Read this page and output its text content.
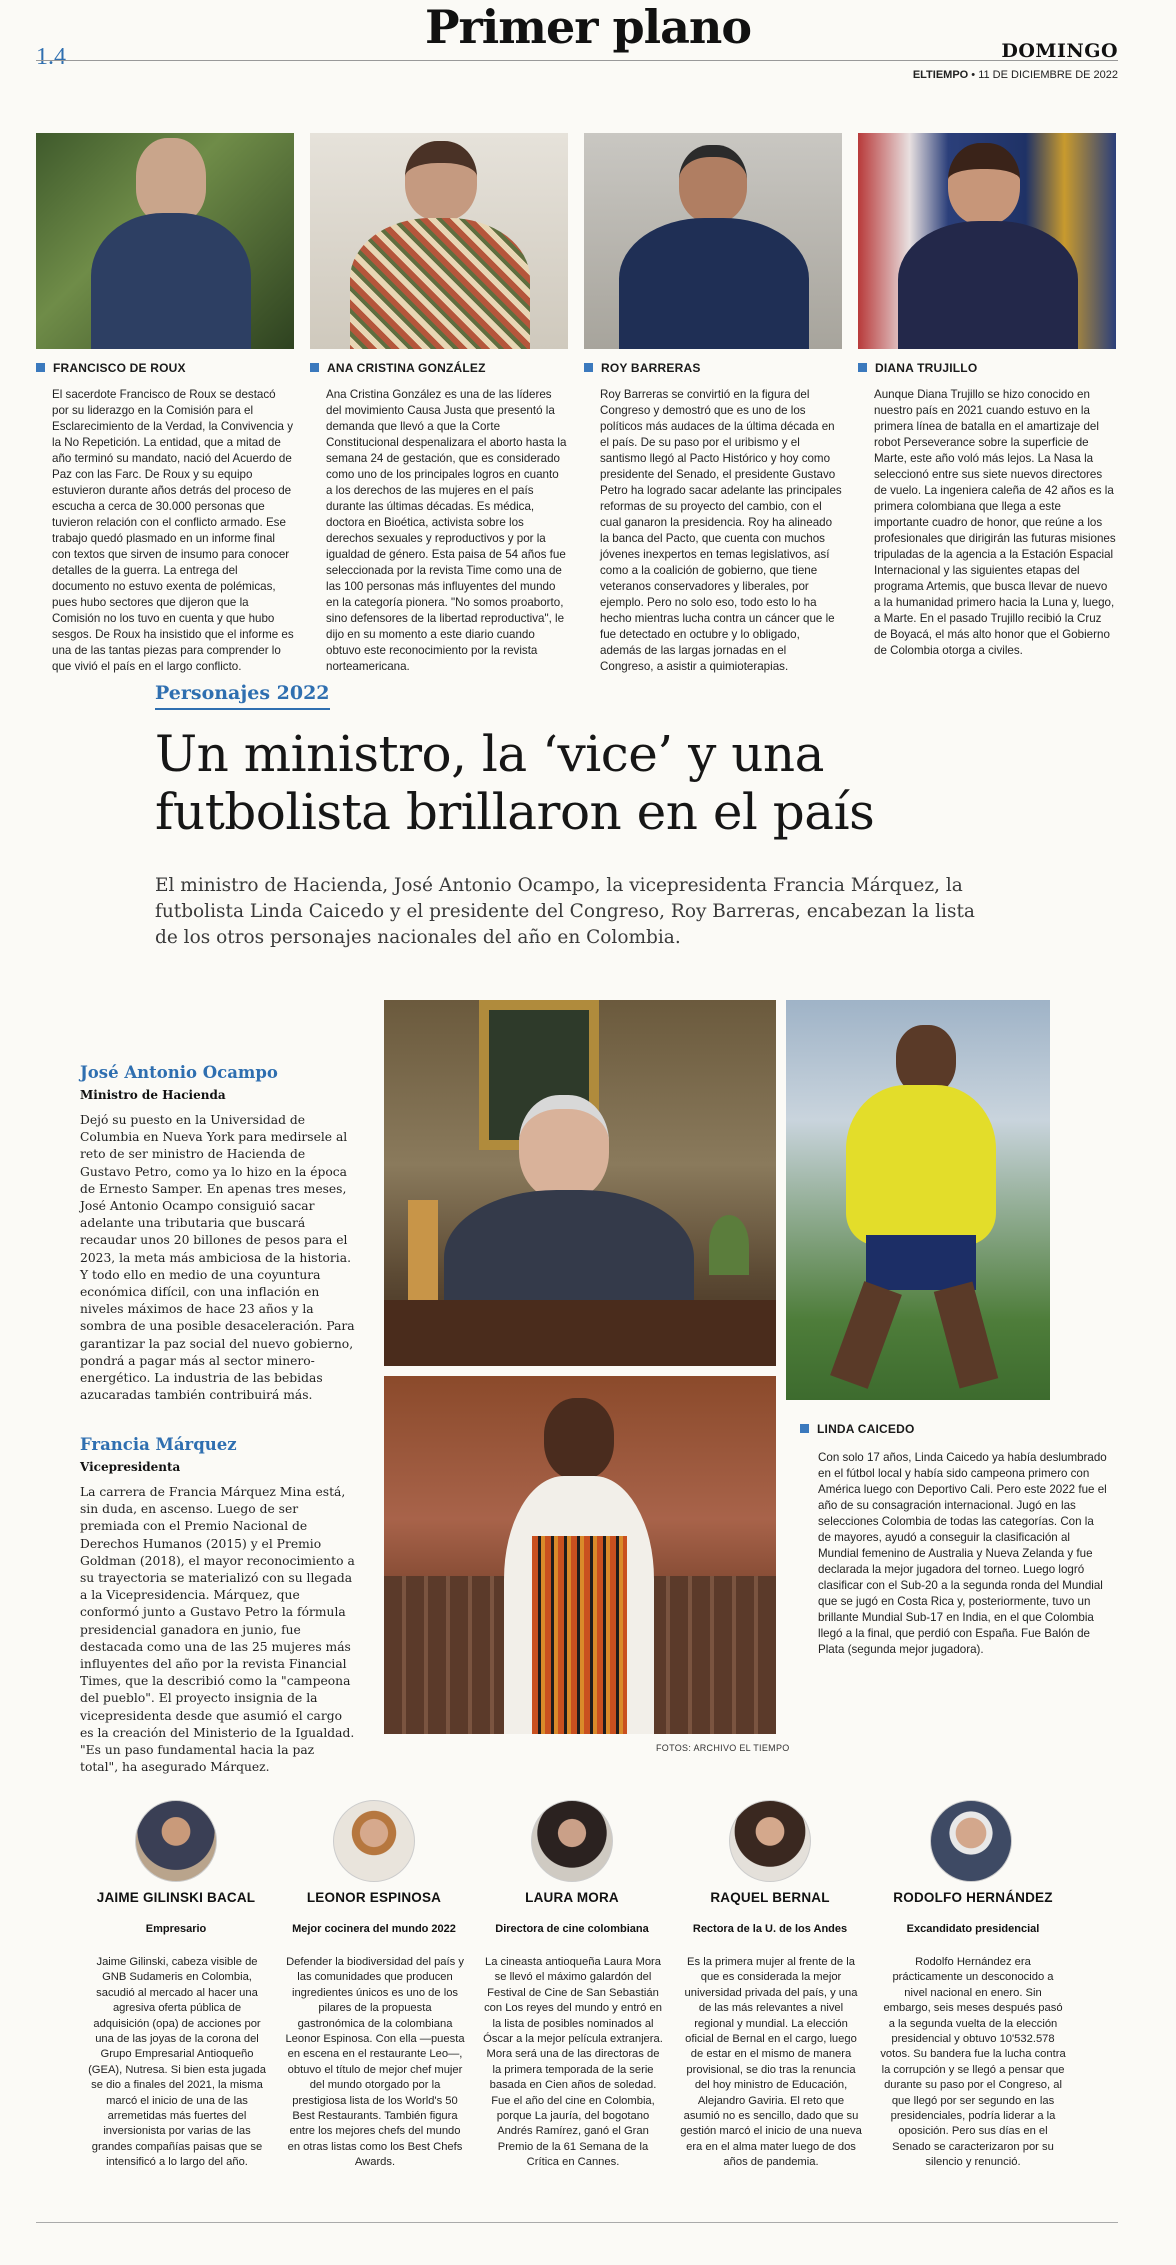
1.4
Primer plano	DOMINGO
ELTIEMPO • 11 DE DICIEMBRE DE 2022
FRANCISCO DE ROUX	ANA CRISTINA GONZÁLEZ	ROY BARRERAS	DIANA TRUJILLO
El sacerdote Francisco de Roux se destacó por su liderazgo en la Comisión para el Esclarecimiento de la Verdad, la Convivencia y la No Repetición. La entidad, que a mitad de año terminó su mandato, nació del Acuerdo de Paz con las Farc. De Roux y su equipo estuvieron durante años detrás del proceso de escucha a cerca de 30.000 personas que tuvieron relación con el conflicto armado. Ese trabajo quedó plasmado en un informe final con textos que sirven de insumo para conocer detalles de la guerra. La entrega del documento no estuvo exenta de polémicas, pues hubo sectores que dijeron que la Comisión no los tuvo en cuenta y que hubo sesgos. De Roux ha insistido que el informe es una de las tantas piezas para comprender lo que vivió el país en el largo conflicto.
Ana Cristina González es una de las líderes del movimiento Causa Justa que presentó la demanda que llevó a que la Corte Constitucional despenalizara el aborto hasta la semana 24 de gestación, que es considerado como uno de los principales logros en cuanto a los derechos de las mujeres en el país durante las últimas décadas. Es médica, doctora en Bioética, activista sobre los derechos sexuales y reproductivos y por la igualdad de género. Esta paisa de 54 años fue seleccionada por la revista Time como una de las 100 personas más influyentes del mundo en la categoría pionera. "No somos proaborto, sino defensores de la libertad reproductiva", le dijo en su momento a este diario cuando obtuvo este reconocimiento por la revista norteamericana.
Roy Barreras se convirtió en la figura del Congreso y demostró que es uno de los políticos más audaces de la última década en el país. De su paso por el uribismo y el santismo llegó al Pacto Histórico y hoy como presidente del Senado, el presidente Gustavo Petro ha logrado sacar adelante las principales reformas de su proyecto del cambio, con el cual ganaron la presidencia. Roy ha alineado la banca del Pacto, que cuenta con muchos jóvenes inexpertos en temas legislativos, así como a la coalición de gobierno, que tiene veteranos conservadores y liberales, por ejemplo. Pero no solo eso, todo esto lo ha hecho mientras lucha contra un cáncer que le fue detectado en octubre y lo obligado, además de las largas jornadas en el Congreso, a asistir a quimioterapias.
Aunque Diana Trujillo se hizo conocido en nuestro país en 2021 cuando estuvo en la primera línea de batalla en el amartizaje del robot Perseverance sobre la superficie de Marte, este año voló más lejos. La Nasa la seleccionó entre sus siete nuevos directores de vuelo. La ingeniera caleña de 42 años es la primera colombiana que llega a este importante cuadro de honor, que reúne a los profesionales que dirigirán las futuras misiones tripuladas de la agencia a la Estación Espacial Internacional y las siguientes etapas del programa Artemis, que busca llevar de nuevo a la humanidad primero hacia la Luna y, luego, a Marte. En el pasado Trujillo recibió la Cruz de Boyacá, el más alto honor que el Gobierno de Colombia otorga a civiles.
Personajes 2022
Un ministro, la ‘vice’ y una futbolista brillaron en el país
El ministro de Hacienda, José Antonio Ocampo, la vicepresidenta Francia Márquez, la futbolista Linda Caicedo y el presidente del Congreso, Roy Barreras, encabezan la lista de los otros personajes nacionales del año en Colombia.
José Antonio Ocampo
Ministro de Hacienda
Dejó su puesto en la Universidad de Columbia en Nueva York para medirsele al reto de ser ministro de Hacienda de Gustavo Petro, como ya lo hizo en la época de Ernesto Samper. En apenas tres meses, José Antonio Ocampo consiguió sacar adelante una tributaria que buscará recaudar unos 20 billones de pesos para el 2023, la meta más ambiciosa de la historia. Y todo ello en medio de una coyuntura económica difícil, con una inflación en niveles máximos de hace 23 años y la sombra de una posible desaceleración. Para garantizar la paz social del nuevo gobierno, pondrá a pagar más al sector minero-energético. La industria de las bebidas azucaradas también contribuirá más.
Francia Márquez
Vicepresidenta
La carrera de Francia Márquez Mina está, sin duda, en ascenso. Luego de ser premiada con el Premio Nacional de Derechos Humanos (2015) y el Premio Goldman (2018), el mayor reconocimiento a su trayectoria se materializó con su llegada a la Vicepresidencia. Márquez, que conformó junto a Gustavo Petro la fórmula presidencial ganadora en junio, fue destacada como una de las 25 mujeres más influyentes del año por la revista Financial Times, que la describió como la "campeona del pueblo". El proyecto insignia de la vicepresidenta desde que asumió el cargo es la creación del Ministerio de la Igualdad. "Es un paso fundamental hacia la paz total", ha asegurado Márquez.
LINDA CAICEDO
Con solo 17 años, Linda Caicedo ya había deslumbrado en el fútbol local y había sido campeona primero con América luego con Deportivo Cali. Pero este 2022 fue el año de su consagración internacional. Jugó en las selecciones Colombia de todas las categorías. Con la de mayores, ayudó a conseguir la clasificación al Mundial femenino de Australia y Nueva Zelanda y fue declarada la mejor jugadora del torneo. Luego logró clasificar con el Sub-20 a la segunda ronda del Mundial que se jugó en Costa Rica y, posteriormente, tuvo un brillante Mundial Sub-17 en India, en el que Colombia llegó a la final, que perdió con España. Fue Balón de Plata (segunda mejor jugadora).
FOTOS: ARCHIVO EL TIEMPO
JAIME GILINSKI BACAL	LEONOR ESPINOSA	LAURA MORA	RAQUEL BERNAL	RODOLFO HERNÁNDEZ
Empresario	Mejor cocinera del mundo 2022	Directora de cine colombiana	Rectora de la U. de los Andes	Excandidato presidencial
Jaime Gilinski, cabeza visible de GNB Sudameris en Colombia, sacudió al mercado al hacer una agresiva oferta pública de adquisición (opa) de acciones por una de las joyas de la corona del Grupo Empresarial Antioqueño (GEA), Nutresa. Si bien esta jugada se dio a finales del 2021, la misma marcó el inicio de una de las arremetidas más fuertes del inversionista por varias de las grandes compañías paisas que se intensificó a lo largo del año.
Defender la biodiversidad del país y las comunidades que producen ingredientes únicos es uno de los pilares de la propuesta gastronómica de la colombiana Leonor Espinosa. Con ella —puesta en escena en el restaurante Leo—, obtuvo el título de mejor chef mujer del mundo otorgado por la prestigiosa lista de los World's 50 Best Restaurants. También figura entre los mejores chefs del mundo en otras listas como los Best Chefs Awards.
La cineasta antioqueña Laura Mora se llevó el máximo galardón del Festival de Cine de San Sebastián con Los reyes del mundo y entró en la lista de posibles nominados al Óscar a la mejor película extranjera. Mora será una de las directoras de la primera temporada de la serie basada en Cien años de soledad. Fue el año del cine en Colombia, porque La jauría, del bogotano Andrés Ramírez, ganó el Gran Premio de la 61 Semana de la Crítica en Cannes.
Es la primera mujer al frente de la que es considerada la mejor universidad privada del país, y una de las más relevantes a nivel regional y mundial. La elección oficial de Bernal en el cargo, luego de estar en el mismo de manera provisional, se dio tras la renuncia del hoy ministro de Educación, Alejandro Gaviria. El reto que asumió no es sencillo, dado que su gestión marcó el inicio de una nueva era en el alma mater luego de dos años de pandemia.
Rodolfo Hernández era prácticamente un desconocido a nivel nacional en enero. Sin embargo, seis meses después pasó a la segunda vuelta de la elección presidencial y obtuvo 10'532.578 votos. Su bandera fue la lucha contra la corrupción y se llegó a pensar que durante su paso por el Congreso, al que llegó por ser segundo en las presidenciales, podría liderar a la oposición. Pero sus días en el Senado se caracterizaron por su silencio y renunció.
